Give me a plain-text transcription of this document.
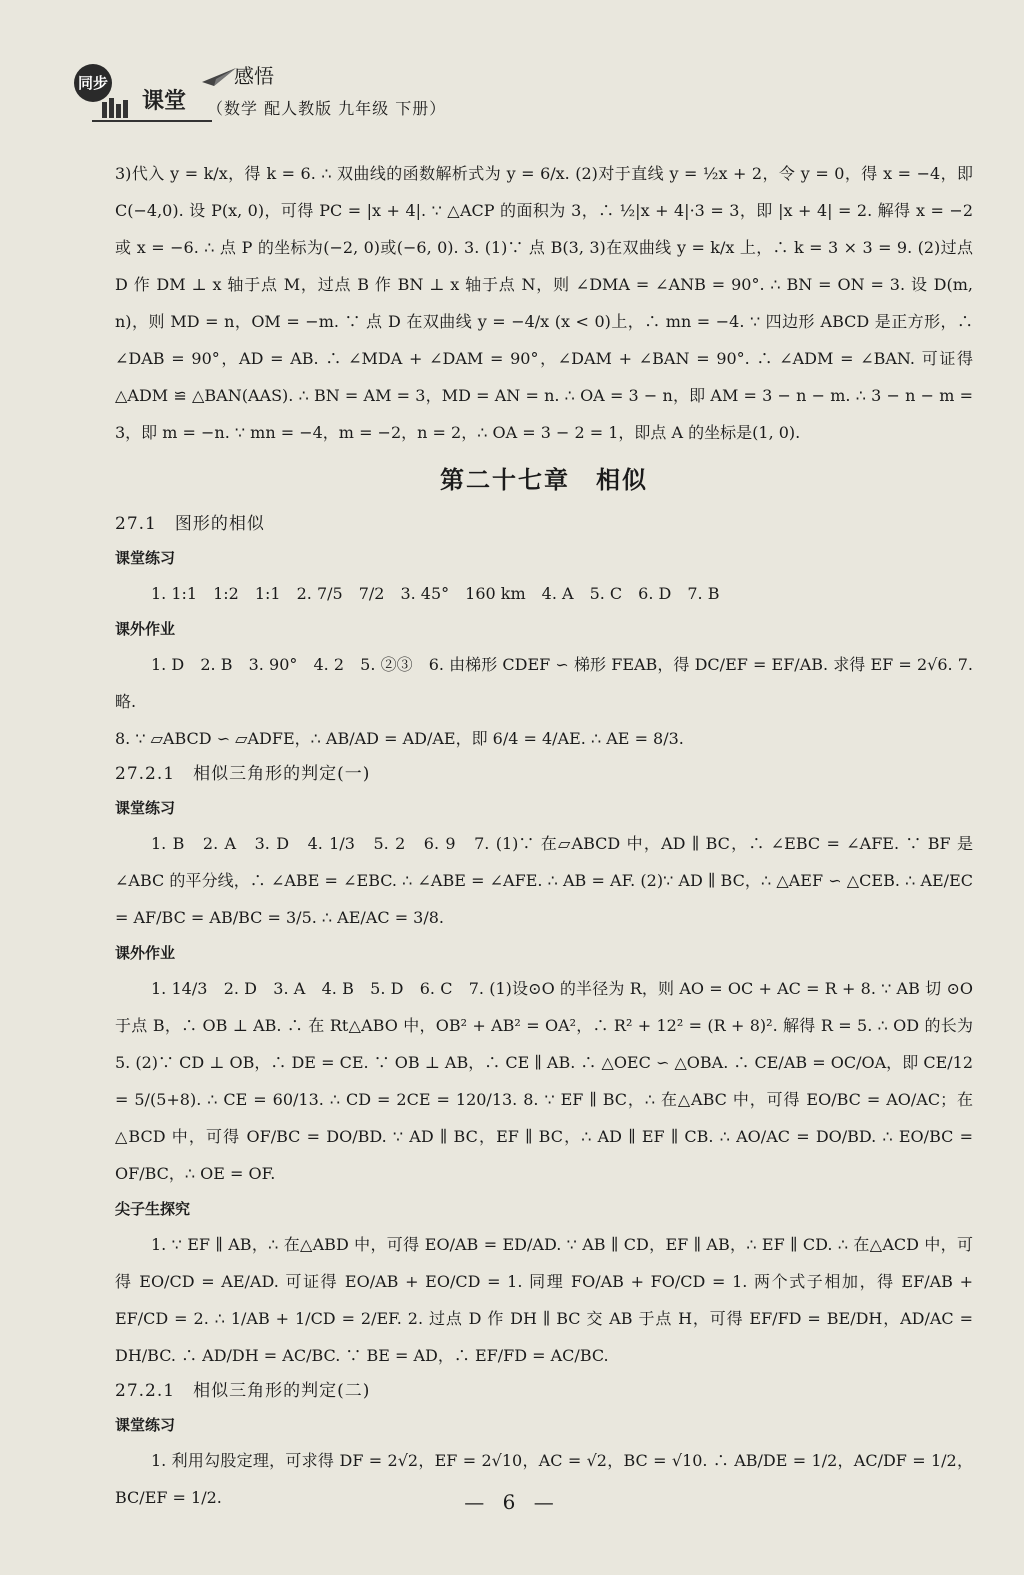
同步
课堂
感悟
（数学 配人教版 九年级 下册）
3)代入 y = k/x，得 k = 6. ∴ 双曲线的函数解析式为 y = 6/x. (2)对于直线 y = ½x + 2，令 y = 0，得 x = −4，即 C(−4,0). 设 P(x, 0)，可得 PC = |x + 4|. ∵ △ACP 的面积为 3，∴ ½|x + 4|·3 = 3，即 |x + 4| = 2. 解得 x = −2 或 x = −6. ∴ 点 P 的坐标为(−2, 0)或(−6, 0). 3. (1)∵ 点 B(3, 3)在双曲线 y = k/x 上，∴ k = 3 × 3 = 9. (2)过点 D 作 DM ⊥ x 轴于点 M，过点 B 作 BN ⊥ x 轴于点 N，则 ∠DMA = ∠ANB = 90°. ∴ BN = ON = 3. 设 D(m, n)，则 MD = n，OM = −m. ∵ 点 D 在双曲线 y = −4/x (x < 0)上，∴ mn = −4. ∵ 四边形 ABCD 是正方形，∴ ∠DAB = 90°，AD = AB. ∴ ∠MDA + ∠DAM = 90°，∠DAM + ∠BAN = 90°. ∴ ∠ADM = ∠BAN. 可证得 △ADM ≌ △BAN(AAS). ∴ BN = AM = 3，MD = AN = n. ∴ OA = 3 − n，即 AM = 3 − n − m. ∴ 3 − n − m = 3，即 m = −n. ∵ mn = −4，m = −2，n = 2，∴ OA = 3 − 2 = 1，即点 A 的坐标是(1, 0).
第二十七章　相似
27.1　图形的相似
课堂练习
1. 1:1　1:2　1:1　2. 7/5　7/2　3. 45°　160 km　4. A　5. C　6. D　7. B
课外作业
1. D　2. B　3. 90°　4. 2　5. ②③　6. 由梯形 CDEF ∽ 梯形 FEAB，得 DC/EF = EF/AB. 求得 EF = 2√6. 7. 略.
8. ∵ ▱ABCD ∽ ▱ADFE，∴ AB/AD = AD/AE，即 6/4 = 4/AE. ∴ AE = 8/3.
27.2.1　相似三角形的判定(一)
课堂练习
1. B　2. A　3. D　4. 1/3　5. 2　6. 9　7. (1)∵ 在▱ABCD 中，AD ∥ BC，∴ ∠EBC = ∠AFE. ∵ BF 是 ∠ABC 的平分线，∴ ∠ABE = ∠EBC. ∴ ∠ABE = ∠AFE. ∴ AB = AF. (2)∵ AD ∥ BC，∴ △AEF ∽ △CEB. ∴ AE/EC = AF/BC = AB/BC = 3/5. ∴ AE/AC = 3/8.
课外作业
1. 14/3　2. D　3. A　4. B　5. D　6. C　7. (1)设⊙O 的半径为 R，则 AO = OC + AC = R + 8. ∵ AB 切 ⊙O 于点 B，∴ OB ⊥ AB. ∴ 在 Rt△ABO 中，OB² + AB² = OA²，∴ R² + 12² = (R + 8)². 解得 R = 5. ∴ OD 的长为 5. (2)∵ CD ⊥ OB，∴ DE = CE. ∵ OB ⊥ AB，∴ CE ∥ AB. ∴ △OEC ∽ △OBA. ∴ CE/AB = OC/OA，即 CE/12 = 5/(5+8). ∴ CE = 60/13. ∴ CD = 2CE = 120/13. 8. ∵ EF ∥ BC，∴ 在△ABC 中，可得 EO/BC = AO/AC；在△BCD 中，可得 OF/BC = DO/BD. ∵ AD ∥ BC，EF ∥ BC，∴ AD ∥ EF ∥ CB. ∴ AO/AC = DO/BD. ∴ EO/BC = OF/BC，∴ OE = OF.
尖子生探究
1. ∵ EF ∥ AB，∴ 在△ABD 中，可得 EO/AB = ED/AD. ∵ AB ∥ CD，EF ∥ AB，∴ EF ∥ CD. ∴ 在△ACD 中，可得 EO/CD = AE/AD. 可证得 EO/AB + EO/CD = 1. 同理 FO/AB + FO/CD = 1. 两个式子相加，得 EF/AB + EF/CD = 2. ∴ 1/AB + 1/CD = 2/EF. 2. 过点 D 作 DH ∥ BC 交 AB 于点 H，可得 EF/FD = BE/DH，AD/AC = DH/BC. ∴ AD/DH = AC/BC. ∵ BE = AD，∴ EF/FD = AC/BC.
27.2.1　相似三角形的判定(二)
课堂练习
1. 利用勾股定理，可求得 DF = 2√2，EF = 2√10，AC = √2，BC = √10. ∴ AB/DE = 1/2，AC/DF = 1/2，BC/EF = 1/2.	— 6 —
